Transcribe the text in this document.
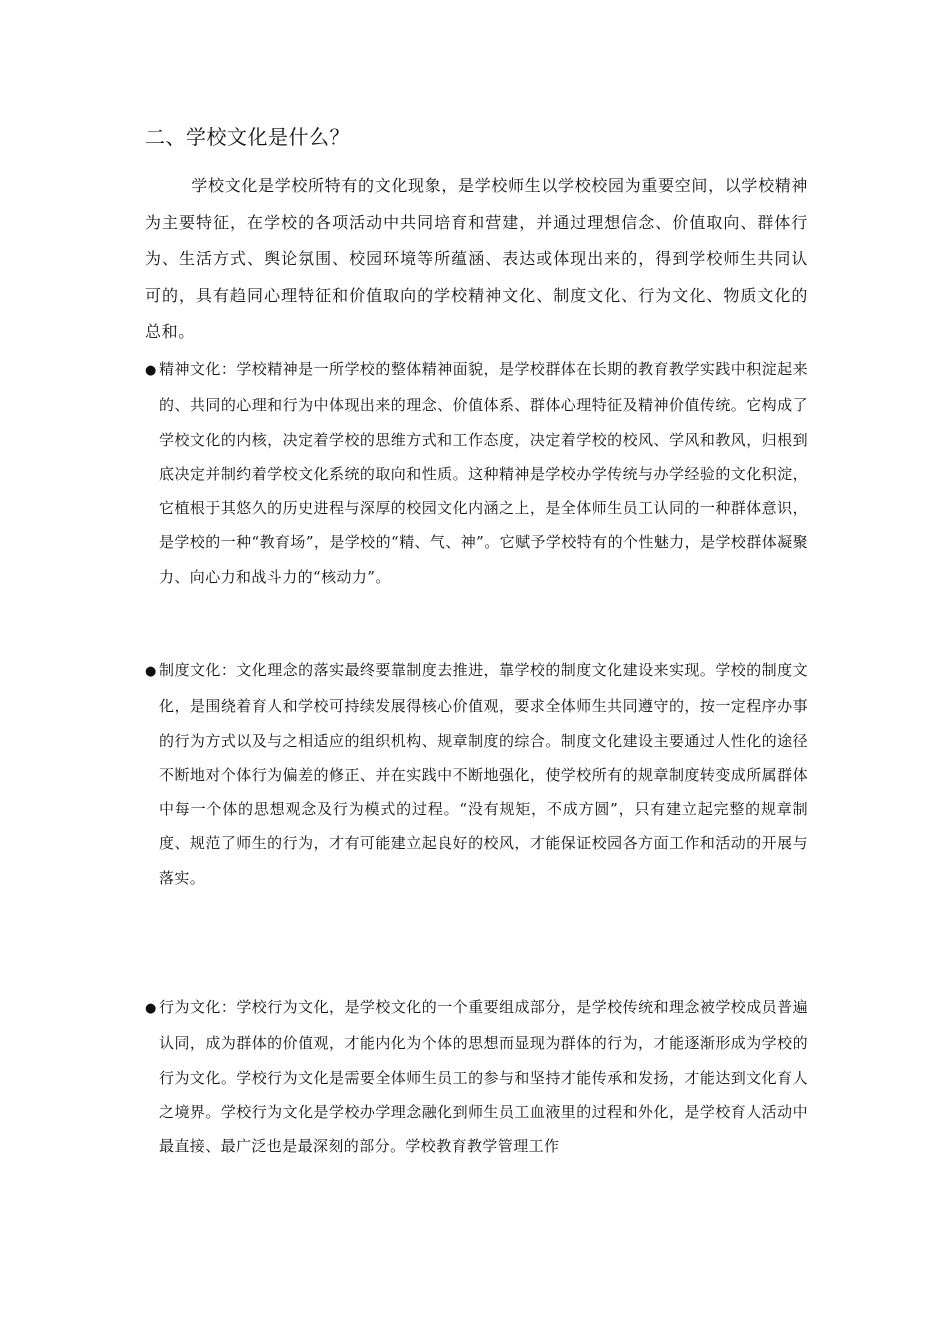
二、学校文化是什么？

学校文化是学校所特有的文化现象，是学校师生以学校校园为重要空间，以学校精神为主要特征，在学校的各项活动中共同培育和营建，并通过理想信念、价值取向、群体行为、生活方式、舆论氛围、校园环境等所蕴涵、表达或体现出来的，得到学校师生共同认可的，具有趋同心理特征和价值取向的学校精神文化、制度文化、行为文化、物质文化的总和。

● 精神文化：学校精神是一所学校的整体精神面貌，是学校群体在长期的教育教学实践中积淀起来的、共同的心理和行为中体现出来的理念、价值体系、群体心理特征及精神价值传统。它构成了学校文化的内核，决定着学校的思维方式和工作态度，决定着学校的校风、学风和教风，归根到底决定并制约着学校文化系统的取向和性质。这种精神是学校办学传统与办学经验的文化积淀，它植根于其悠久的历史进程与深厚的校园文化内涵之上，是全体师生员工认同的一种群体意识，是学校的一种“教育场”，是学校的“精、气、神”。它赋予学校特有的个性魅力，是学校群体凝聚力、向心力和战斗力的“核动力”。

● 制度文化：文化理念的落实最终要靠制度去推进，靠学校的制度文化建设来实现。学校的制度文化，是围绕着育人和学校可持续发展得核心价值观，要求全体师生共同遵守的，按一定程序办事的行为方式以及与之相适应的组织机构、规章制度的综合。制度文化建设主要通过人性化的途径不断地对个体行为偏差的修正、并在实践中不断地强化，使学校所有的规章制度转变成所属群体中每一个体的思想观念及行为模式的过程。“没有规矩，不成方圆”，只有建立起完整的规章制度、规范了师生的行为，才有可能建立起良好的校风，才能保证校园各方面工作和活动的开展与落实。

● 行为文化：学校行为文化，是学校文化的一个重要组成部分，是学校传统和理念被学校成员普遍认同，成为群体的价值观，才能内化为个体的思想而显现为群体的行为，才能逐渐形成为学校的行为文化。学校行为文化是需要全体师生员工的参与和坚持才能传承和发扬，才能达到文化育人之境界。学校行为文化是学校办学理念融化到师生员工血液里的过程和外化，是学校育人活动中最直接、最广泛也是最深刻的部分。学校教育教学管理工作
